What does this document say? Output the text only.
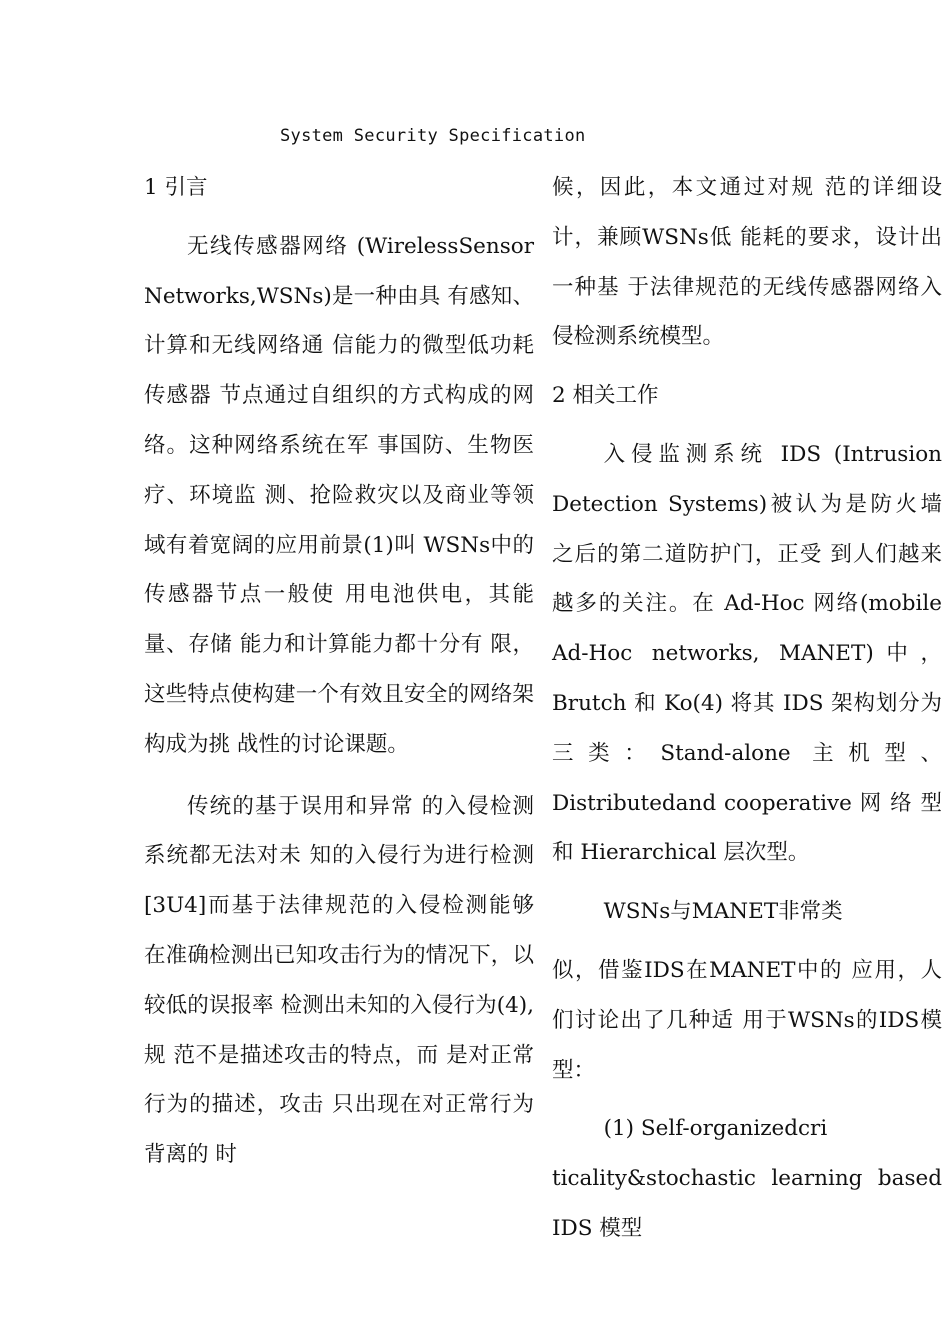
System Security Specification
1 引言

无线传感器网络 (WirelessSensor Networks,WSNs)是一种由具 有感知、计算和无线网络通 信能力的微型低功耗传感器 节点通过自组织的方式构成的网络。这种网络系统在军 事国防、生物医疗、环境监 测、抢险救灾以及商业等领 域有着宽阔的应用前景(1)叫 WSNs中的传感器节点一般使 用电池供电，其能量、存储 能力和计算能力都十分有 限，这些特点使构建一个有效且安全的网络架构成为挑 战性的讨论课题。

传统的基于误用和异常 的入侵检测系统都无法对未 知的入侵行为进行检测[3U4]而基于法律规范的入侵检测能够 在准确检测出已知攻击行为的情况下，以较低的误报率 检测出未知的入侵行为(4),规 范不是描述攻击的特点，而 是对正常行为的描述，攻击 只出现在对正常行为背离的 时

候，因此，本文通过对规 范的详细设计，兼顾WSNs低 能耗的要求，设计出一种基 于法律规范的无线传感器网络入 侵检测系统模型。

2 相关工作

入侵监测系统 IDS (Intrusion Detection Systems)被认为是防火墙 之后的第二道防护门，正受 到人们越来越多的关注。在 Ad-Hoc 网络(mobile Ad-Hoc networks, MANET)中，Brutch 和 Ko(4) 将其 IDS 架构划分为 三类：Stand-alone 主机型、 Distributedand cooperative 网 络 型 和 Hierarchical 层次型。

WSNs与MANET非常类

似，借鉴IDS在MANET中的 应用，人们讨论出了几种适 用于WSNs的IDS模型：

(1) Self-organizedcri

ticality&stochastic learning based IDS 模型
